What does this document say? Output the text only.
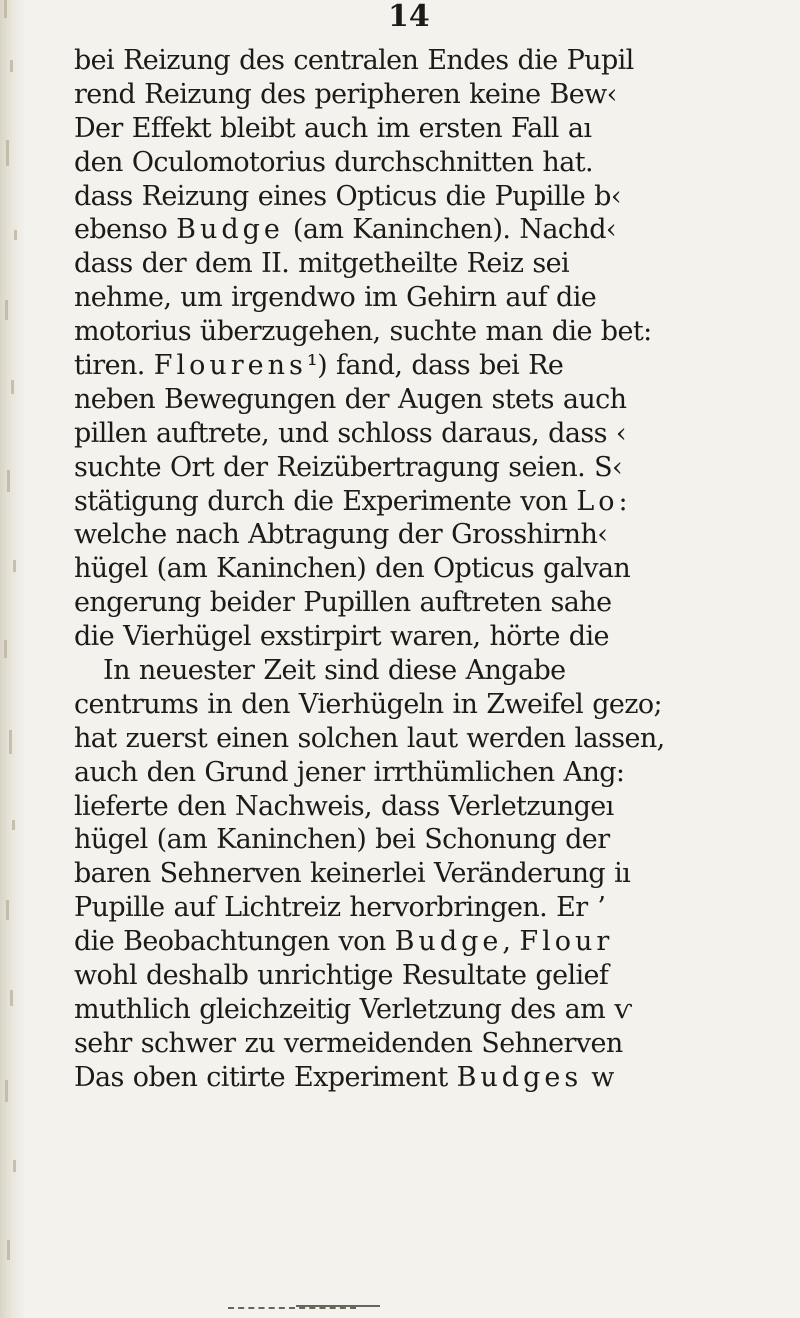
14
bei Reizung des centralen Endes die Pupil
rend Reizung des peripheren keine Bew‹
Der Effekt bleibt auch im ersten Fall aı
den Oculomotorius durchschnitten hat.
dass Reizung eines Opticus die Pupille b‹
ebenso Budge (am Kaninchen). Nachd‹
dass der dem II. mitgetheilte Reiz sei
nehme, um irgendwo im Gehirn auf die
motorius überzugehen, suchte man die bet:
tiren. Flourens¹) fand, dass bei Re
neben Bewegungen der Augen stets auch
pillen auftrete, und schloss daraus, dass ‹
suchte Ort der Reizübertragung seien. S‹
stätigung durch die Experimente von Lo:
welche nach Abtragung der Grosshirnh‹
hügel (am Kaninchen) den Opticus galvan
engerung beider Pupillen auftreten sahe
die Vierhügel exstirpirt waren, hörte die
In neuester Zeit sind diese Angabe
centrums in den Vierhügeln in Zweifel gezo;
hat zuerst einen solchen laut werden lassen,
auch den Grund jener irrthümlichen Ang:
lieferte den Nachweis, dass Verletzungeı
hügel (am Kaninchen) bei Schonung der
baren Sehnerven keinerlei Veränderung iı
Pupille auf Lichtreiz hervorbringen. Er ʼ
die Beobachtungen von Budge, Flour
wohl deshalb unrichtige Resultate gelief
muthlich gleichzeitig Verletzung des am ѵ
sehr schwer zu vermeidenden Sehnerven
Das oben citirte Experiment Budges w
